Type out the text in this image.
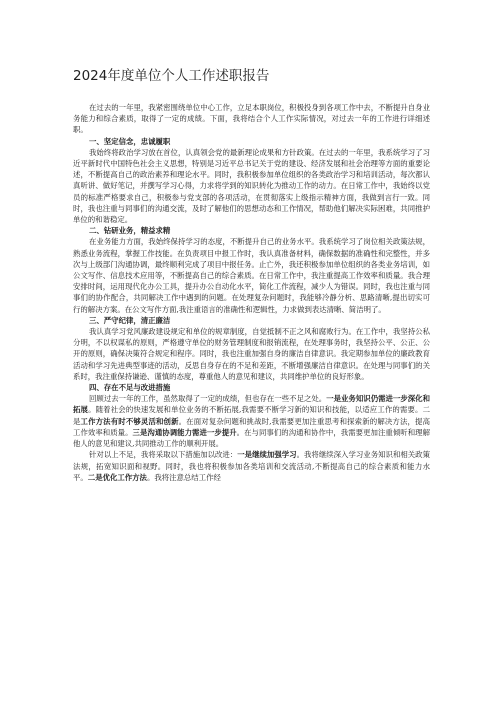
2024年度单位个人工作述职报告

在过去的一年里，我紧密围绕单位中心工作，立足本职岗位，积极投身到各项工作中去，不断提升自身业务能力和综合素质，取得了一定的成绩。下面，我将结合个人工作实际情况，对过去一年的工作进行详细述职。

一、坚定信念，忠诚履职

我始终将政治学习放在首位，认真领会党的最新理论成果和方针政策。在过去的一年里，我系统学习了习近平新时代中国特色社会主义思想，特别是习近平总书记关于党的建设、经济发展和社会治理等方面的重要论述，不断提高自己的政治素养和理论水平。同时，我积极参加单位组织的各类政治学习和培训活动，每次都认真听讲、做好笔记，并撰写学习心得，力求将学到的知识转化为推动工作的动力。在日常工作中，我始终以党员的标准严格要求自己，积极参与党支部的各项活动，在贯彻落实上级指示精神方面，我做到言行一致。同时，我也注重与同事们的沟通交流，及时了解他们的思想动态和工作情况，帮助他们解决实际困难，共同推护单位的和谐稳定。

二、钻研业务，精益求精

在业务能力方面，我始终保持学习的态度，不断提升自己的业务水平。我系统学习了岗位相关政策法规，熟悉业务流程，掌握工作技能。在负责项目中报工作时，我认真准备材料，确保数据的准确性和完整性，并多次与上级部门沟通协调，最终顺利完成了项目中报任务。止亡外，我还积极参加单位组织的各类业务培训，如公文写作、信息技术应用等，不断提高自己的综合素质。在日常工作中，我注重提高工作效率和质量。我合理安排时间，运用现代化办公工具，提升办公自动化水平，简化工作流程，减少人为错误。同时，我也注重与同事们的协作配合，共同解决工作中遇到的问题。在处理复杂问题时，我能够冷静分析、思路清晰,提出切实可行的解决方案。在公文写作方面,我注重语言的准确性和逻辑性，力求做到表达清晰、简洁明了。

三、严守纪律，清正廉洁

我认真学习党风廉政建设规定和单位的规章制度，自觉抵制不正之风和腐败行为。在工作中，我坚持公私分明，不以权谋私的原则，严格遵守单位的财务管理制度和报销流程，在处理事务时，我坚持公平、公正、公开的原则，确保决策符合规定和程序。同时，我也注重加强自身的廉洁自律意识。我定期参加单位的廉政教育活动和学习先进典型事迹的活动，反思自身存在的不足和差距，不断增强廉洁自律意识。在处理与同事们的关系时，我注重保持谦逊、谨慎的态度，尊重他人的意见和建议，共同维护单位的良好形象。

四、存在不足与改进措施

回顾过去一年的工作，虽然取得了一定的成绩，但也存在一些不足之处。一是业务知识仍需进一步深化和拓展。随着社会的快速发展和单位业务的不断拓展,我需要不断学习新的知识和技能，以适应工作的需要。二是工作方法有时不够灵活和创新。在面对复杂问题和挑战时,我需要更加注重思考和探索新的解决方法，提高工作效率和质量。三是沟通协调能力需进一步提升。在与同事们的沟通和协作中，我需要更加注重倾听和理解他人的意见和建议,共同推动工作的顺利开展。

针对以上不足，我将采取以下措施加以改进：一是继续加强学习。我将继续深入学习业务知识和相关政策法规，拓宽知识面和视野。同时，我也将积极参加各类培训和交流活动,不断提高自己的综合素质和能力水平。二是优化工作方法。我将注意总结工作经
